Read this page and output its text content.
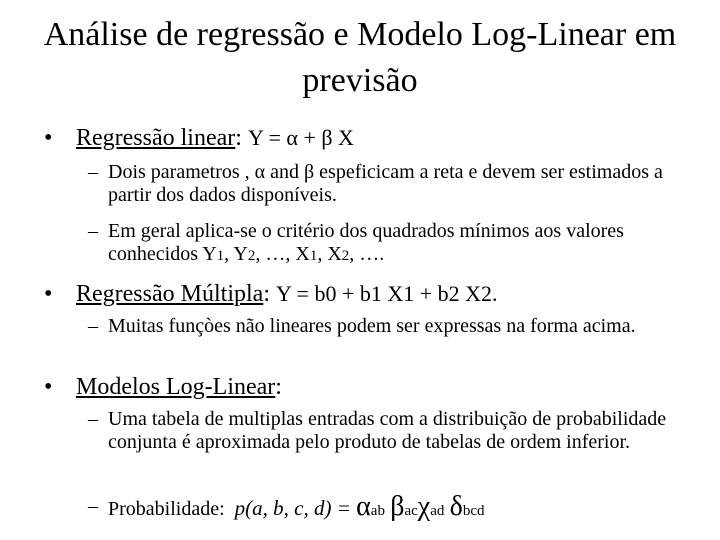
Análise de regressão e Modelo Log-Linear em previsão
• Regressão linear: Y = α + β X
– Dois parametros , α and β espeficicam a reta e devem ser estimados a partir dos dados disponíveis.
– Em geral aplica-se o critério dos quadrados mínimos aos valores conhecidos Y1, Y2, …, X1, X2, ….
• Regressão Múltipla: Y = b0 + b1 X1 + b2 X2.
– Muitas funçòes não lineares podem ser expressas na forma acima.
• Modelos Log-Linear:
– Uma tabela de multiplas entradas com a distribuição de probabilidade conjunta é aproximada pelo produto de tabelas de ordem inferior.
– Probabilidade: p(a, b, c, d) = αab βacχad δbcd
